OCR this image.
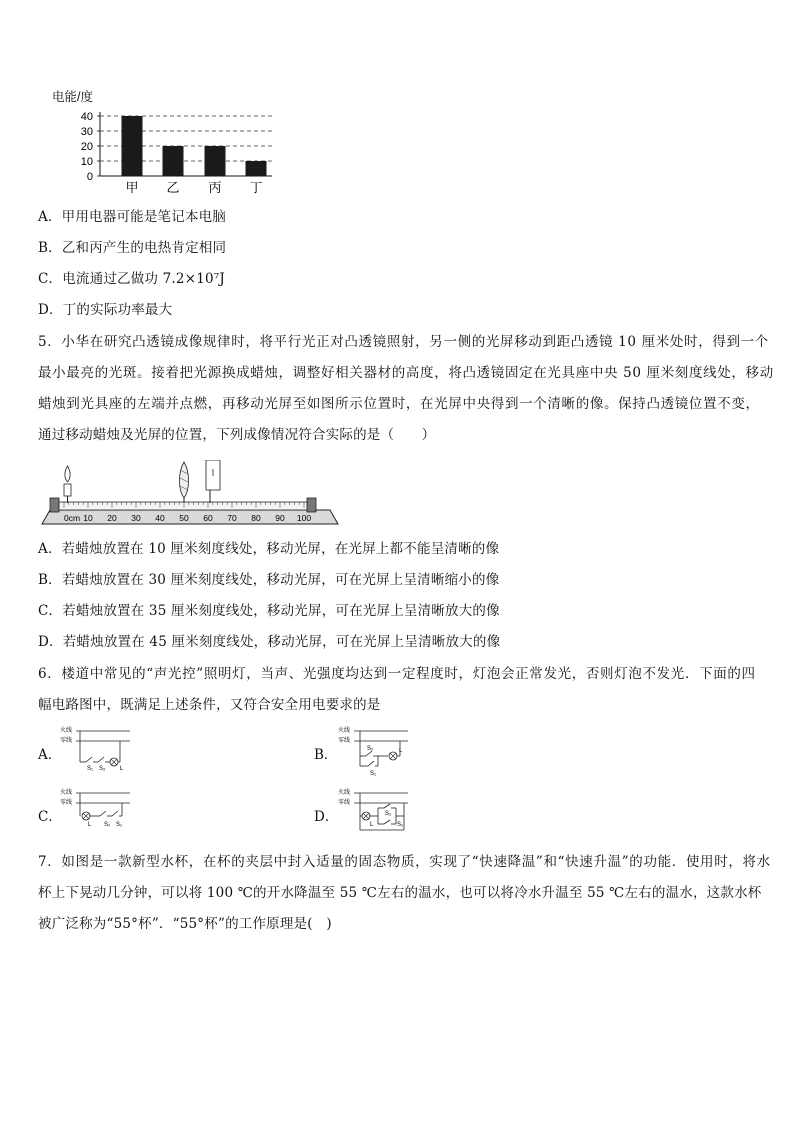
电能/度
0
10
20
30
40
甲 乙 丙 丁
A．甲用电器可能是笔记本电脑
B．乙和丙产生的电热肯定相同
C．电流通过乙做功 7.2×10⁷J
D．丁的实际功率最大
5．小华在研究凸透镜成像规律时，将平行光正对凸透镜照射，另一侧的光屏移动到距凸透镜 10 厘米处时，得到一个
最小最亮的光斑。接着把光源换成蜡烛，调整好相关器材的高度，将凸透镜固定在光具座中央 50 厘米刻度线处，移动
蜡烛到光具座的左端并点燃，再移动光屏至如图所示位置时，在光屏中央得到一个清晰的像。保持凸透镜位置不变，
通过移动蜡烛及光屏的位置，下列成像情况符合实际的是（　　）
0cm 10 20 30 40 50 60 70 80 90 100
A．若蜡烛放置在 10 厘米刻度线处，移动光屏，在光屏上都不能呈清晰的像
B．若蜡烛放置在 30 厘米刻度线处，移动光屏，可在光屏上呈清晰缩小的像
C．若蜡烛放置在 35 厘米刻度线处，移动光屏，可在光屏上呈清晰放大的像
D．若蜡烛放置在 45 厘米刻度线处，移动光屏，可在光屏上呈清晰放大的像
6．楼道中常见的“声光控”照明灯，当声、光强度均达到一定程度时，灯泡会正常发光，否则灯泡不发光．下面的四
幅电路图中，既满足上述条件，又符合安全用电要求的是
A．	B．
C．	D．
火线
零线
S₁ S₂ L
火线
零线
S₂	L
S₁
火线
零线
L S₂ S₁
火线
零线
L
S₂
S₁
7．如图是一款新型水杯，在杯的夹层中封入适量的固态物质，实现了“快速降温”和“快速升温”的功能．使用时，将水
杯上下晃动几分钟，可以将 100 ℃的开水降温至 55 ℃左右的温水，也可以将冷水升温至 55 ℃左右的温水，这款水杯
被广泛称为“55°杯”．“55°杯”的工作原理是(　)
